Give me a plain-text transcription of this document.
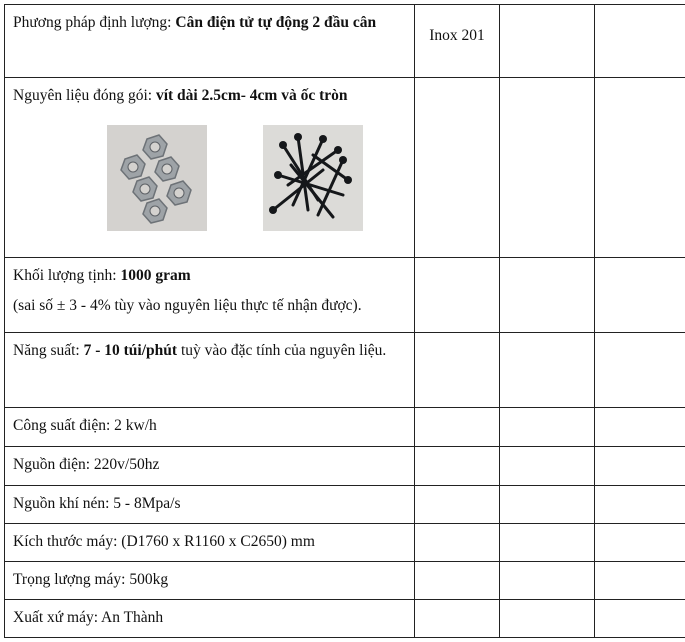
Phương pháp định lượng: Cân điện tử tự động 2 đầu cân	Inox 201		

Nguyên liệu đóng gói: vít dài 2.5cm- 4cm và ốc tròn

Khối lượng tịnh: 1000 gram
(sai số ± 3 - 4% tùy vào nguyên liệu thực tế nhận được).			
Năng suất: 7 - 10 túi/phút tuỳ vào đặc tính của nguyên liệu.			
Công suất điện: 2 kw/h			
Nguồn điện: 220v/50hz			
Nguồn khí nén: 5 - 8Mpa/s			
Kích thước máy: (D1760 x R1160 x C2650) mm			
Trọng lượng máy: 500kg			
Xuất xứ máy: An Thành			
